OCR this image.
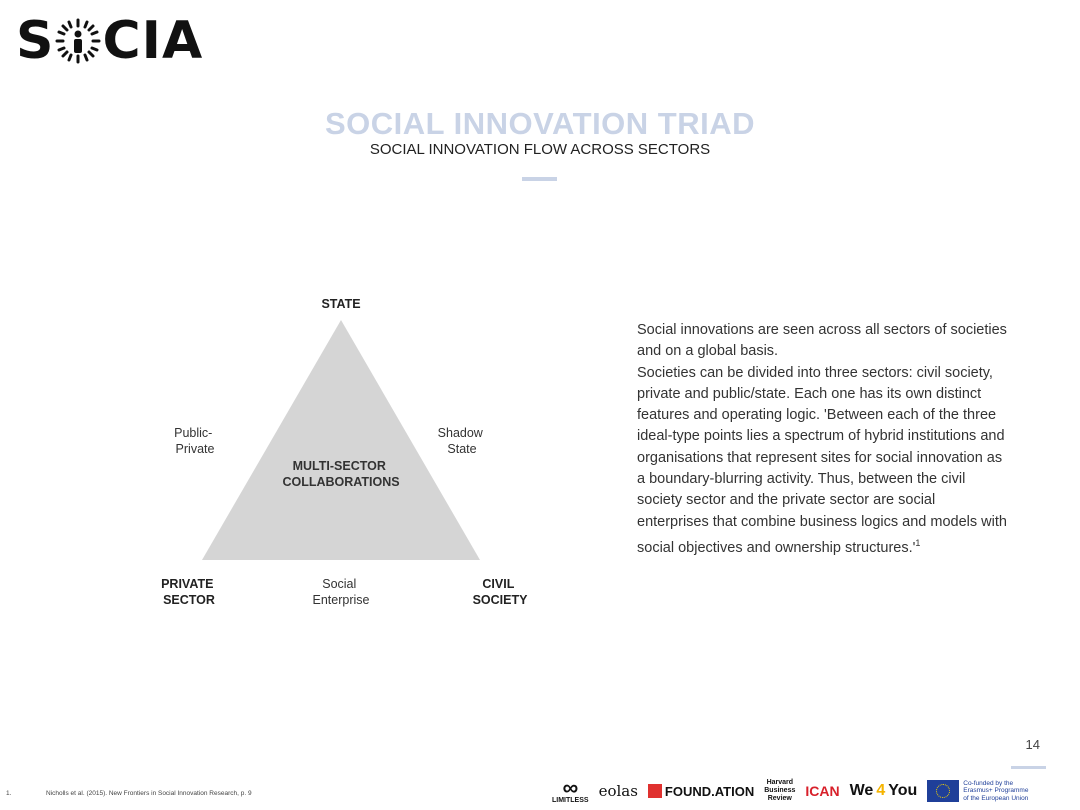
S CIA
SOCIAL INNOVATION TRIAD
SOCIAL INNOVATION FLOW ACROSS SECTORS
STATE
Public- Private
Shadow State
MULTI-SECTOR COLLABORATIONS
PRIVATE SECTOR
Social Enterprise
CIVIL SOCIETY

Social innovations are seen across all sectors of societies and on a global basis.

Societies can be divided into three sectors: civil society, private and public/state. Each one has its own distinct features and operating logic. 'Between each of the three ideal-type points lies a spectrum of hybrid institutions and organisations that represent sites for social innovation as a boundary-blurring activity. Thus, between the civil society sector and the private sector are social enterprises that combine business logics and models with social objectives and ownership $structures.'^1$

14
1.	Nicholls et al. (2015). New Frontiers in Social Innovation Research, p. 9	∞
LIMITLESS eolas FOUND.ATION
Harvard
Business
Review ICAN We 4 You	Co-funded by the
Erasmus+ Programme
of the European Union
